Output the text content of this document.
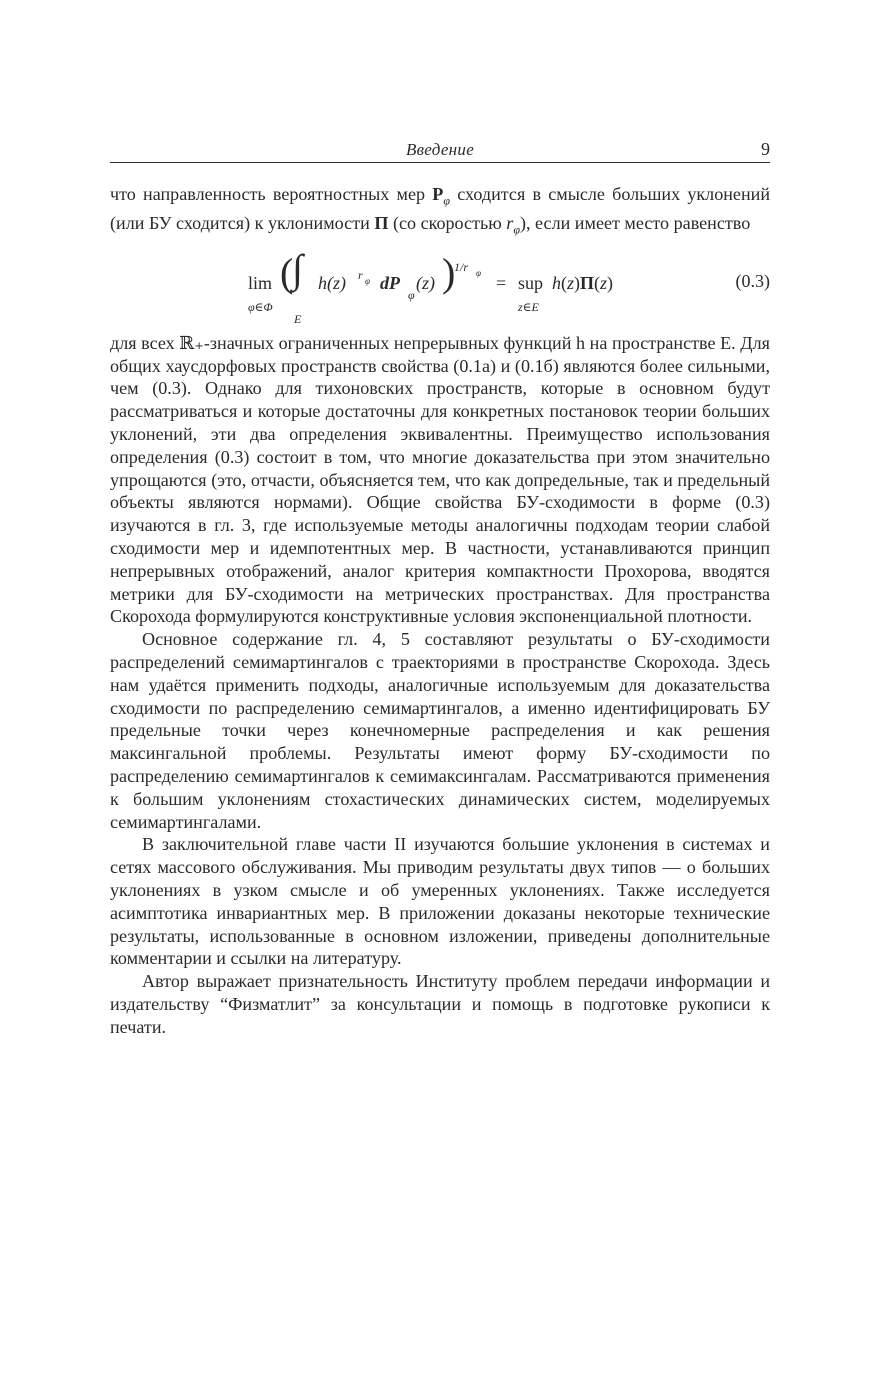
Введение	9

что направленность вероятностных мер $P_\varphi$ сходится в смысле больших уклонений (или БУ сходится) к уклонимости Π (со скоростью $r_\varphi$), если имеет место равенство

lim
φ∈Φ
(
∫
E
h(z) r φ dP
φ
(z) )
1/r φ = sup
z∈E
h(z)Π(z)	(0.3)

для всех ℝ₊-значных ограниченных непрерывных функций h на пространстве E. Для общих хаусдорфовых пространств свойства (0.1a) и (0.1б) являются более сильными, чем (0.3). Однако для тихоновских пространств, которые в основном будут рассматриваться и которые достаточны для конкретных постановок теории больших уклонений, эти два определения эквивалентны. Преимущество использования определения (0.3) состоит в том, что многие доказательства при этом значительно упрощаются (это, отчасти, объясняется тем, что как допредельные, так и предельный объекты являются нормами). Общие свойства БУ-сходимости в форме (0.3) изучаются в гл. 3, где используемые методы аналогичны подходам теории слабой сходимости мер и идемпотентных мер. В частности, устанавливаются принцип непрерывных отображений, аналог критерия компактности Прохорова, вводятся метрики для БУ-сходимости на метрических пространствах. Для пространства Скорохода формулируются конструктивные условия экспоненциальной плотности.

Основное содержание гл. 4, 5 составляют результаты о БУ-сходимости распределений семимартингалов с траекториями в пространстве Скорохода. Здесь нам удаётся применить подходы, аналогичные используемым для доказательства сходимости по распределению семимартингалов, а именно идентифицировать БУ предельные точки через конечномерные распределения и как решения максингальной проблемы. Результаты имеют форму БУ-сходимости по распределению семимартингалов к семимаксингалам. Рассматриваются применения к большим уклонениям стохастических динамических систем, моделируемых семимартингалами.

В заключительной главе части II изучаются большие уклонения в системах и сетях массового обслуживания. Мы приводим результаты двух типов — о больших уклонениях в узком смысле и об умеренных уклонениях. Также исследуется асимптотика инвариантных мер. В приложении доказаны некоторые технические результаты, использованные в основном изложении, приведены дополнительные комментарии и ссылки на литературу.

Автор выражает признательность Институту проблем передачи информации и издательству “Физматлит” за консультации и помощь в подготовке рукописи к печати.
